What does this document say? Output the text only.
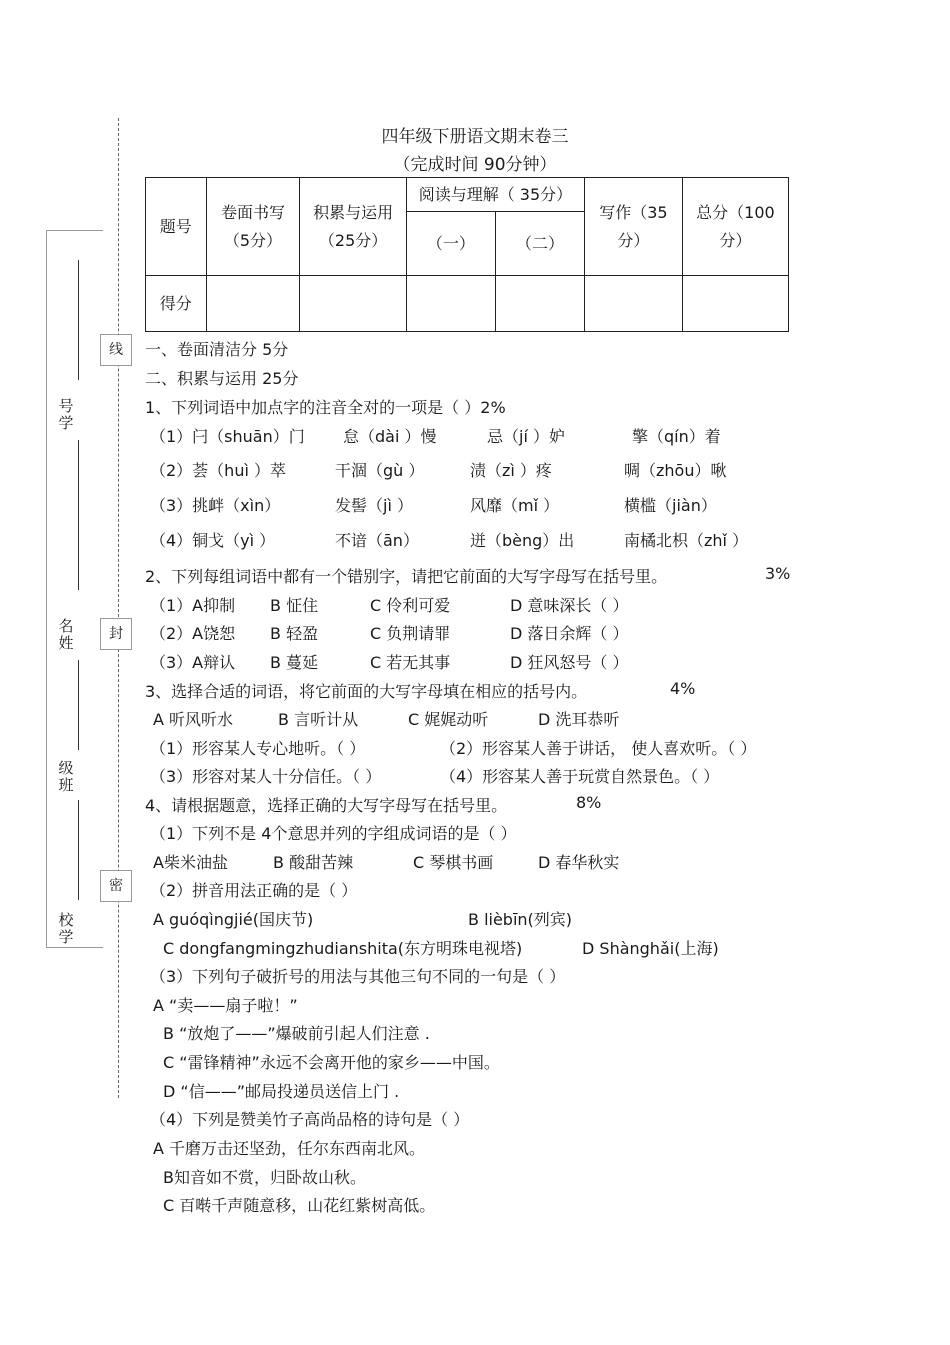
号学
名姓
级班
校学
线
封
密
四年级下册语文期末卷三
（完成时间 90分钟）
题号	卷面书写（5分）	积累与运用（25分）	阅读与理解（ 35分）		写作（35分）	总分（100分）
			（一）	（二）		
得分						
一、卷面清洁分 5分
二、积累与运用 25分
1、下列词语中加点字的注音全对的一项是（ ）2%
（1）闩（shuān）门 怠（dài ）慢	忌（jí ）妒	擎（qín）着
（2）荟（huì ）萃	干涸（gù ）	渍（zì ）疼	啁（zhōu）啾
（3）挑衅（xìn）	发髻（jì ）	风靡（mǐ ）	横槛（jiàn）
（4）铜戈（yì ）	不谙（ān）	迸（bèng）出	南橘北枳（zhǐ ）
2、下列每组词语中都有一个错别字，请把它前面的大写字母写在括号里。	3%
（1）A抑制 B 怔住	C 伶利可爱	D 意味深长（ ）
（2）A饶恕 B 轻盈	C 负荆请罪	D 落日余辉（ ）
（3）A辩认 B 蔓延	C 若无其事	D 狂风怒号（ ）
3、选择合适的词语，将它前面的大写字母填在相应的括号内。	4%
A 听风听水	B 言听计从	C 娓娓动听	D 洗耳恭听
（1）形容某人专心地听。（ ）	（2）形容某人善于讲话， 使人喜欢听。（ ）
（3）形容对某人十分信任。（ ）	（4）形容某人善于玩赏自然景色。（ ）
4、请根据题意，选择正确的大写字母写在括号里。	8%
（1）下列不是 4个意思并列的字组成词语的是（ ）
A柴米油盐	B 酸甜苦辣	C 琴棋书画	D 春华秋实
（2）拼音用法正确的是（ ）
A guóqìngjié(国庆节)	B lièbīn(列宾)
C dongfangmingzhudianshita(东方明珠电视塔)	D Shànghǎi(上海)
（3）下列句子破折号的用法与其他三句不同的一句是（ ）
A “卖——扇子啦！”
B “放炮了——”爆破前引起人们注意 .
C “雷锋精神”永远不会离开他的家乡——中国。
D “信——”邮局投递员送信上门 .
（4）下列是赞美竹子高尚品格的诗句是（ ）
A 千磨万击还坚劲，任尔东西南北风。
B知音如不赏，归卧故山秋。
C 百啭千声随意移，山花红紫树高低。
